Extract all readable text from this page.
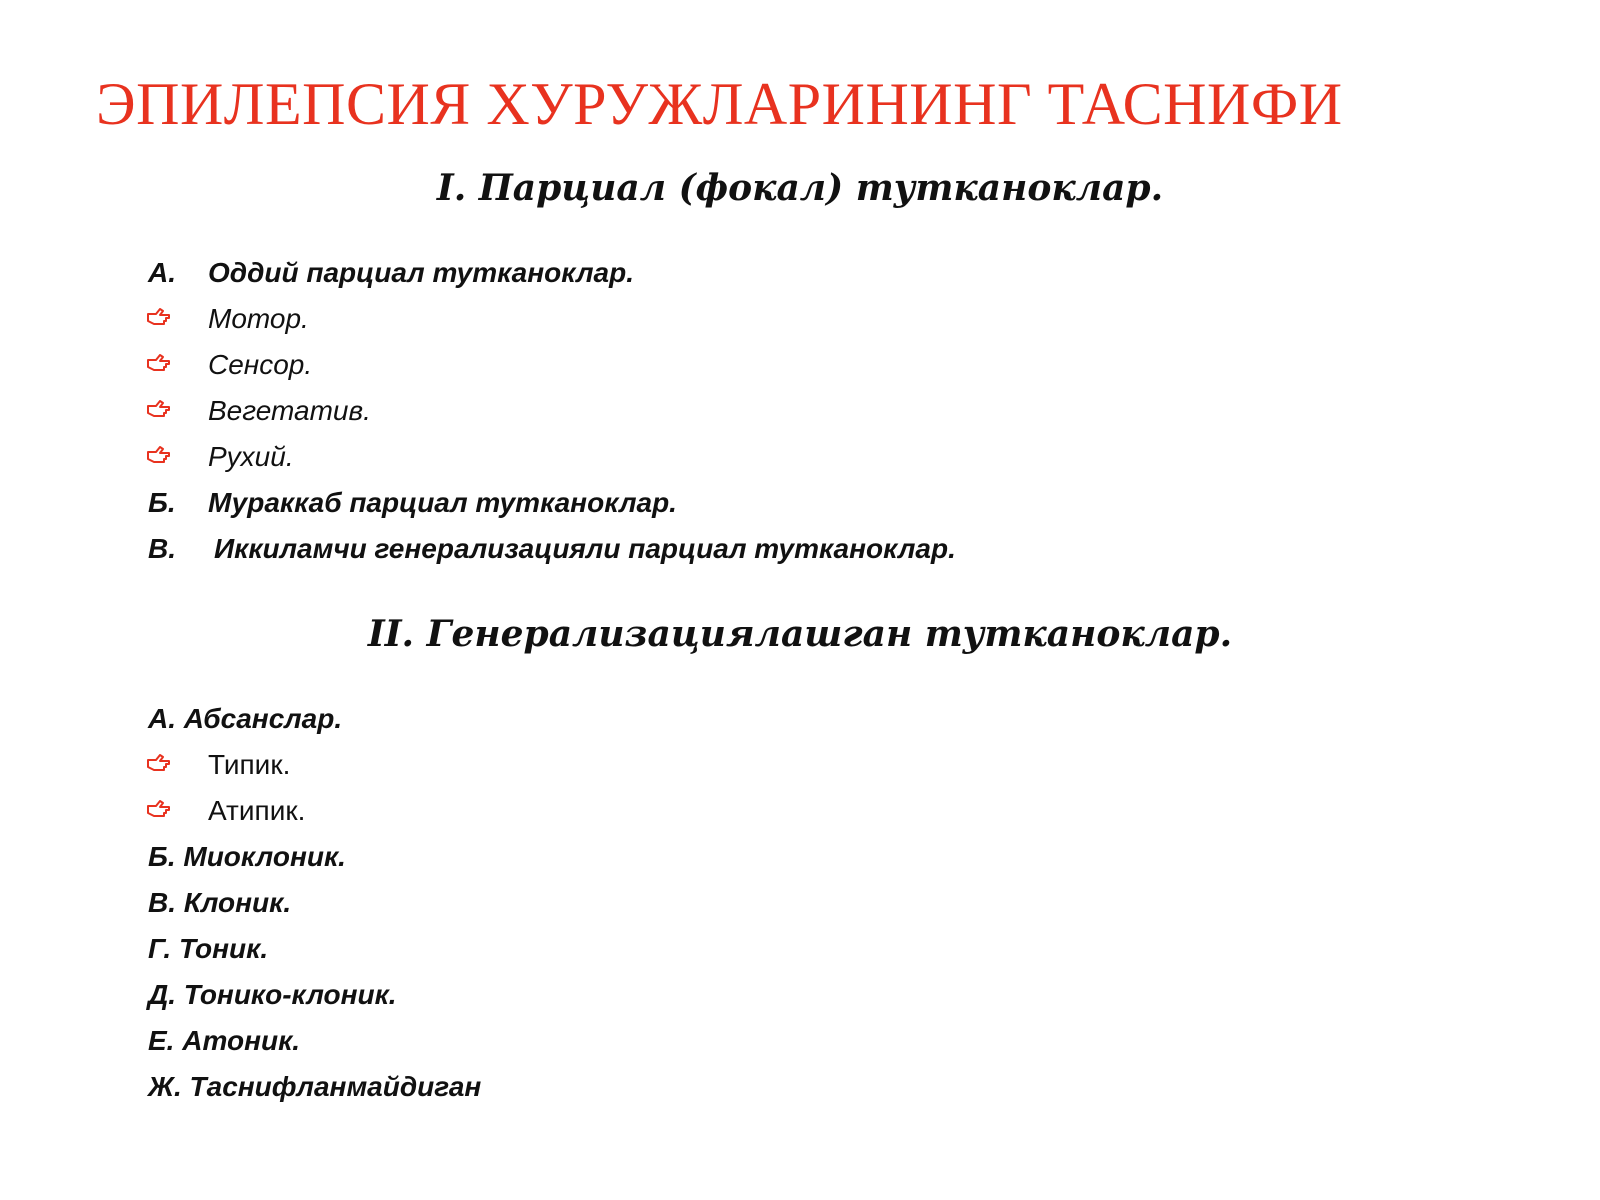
ЭПИЛЕПСИЯ ХУРУЖЛАРИНИНГ ТАСНИФИ
I. Парциал (фокал) тутканоклар.
А. Оддий парциал тутканоклар.
Мотор.
Сенсор.
Вегетатив.
Рухий.
Б. Мураккаб парциал тутканоклар.
В. Иккиламчи генерализацияли парциал тутканоклар.
II. Генерализациялашган тутканоклар.
А. Абсанслар.
Типик.
Атипик.
Б. Миоклоник.
В. Клоник.
Г. Тоник.
Д. Тонико-клоник.
Е. Атоник.
Ж. Таснифланмайдиган
